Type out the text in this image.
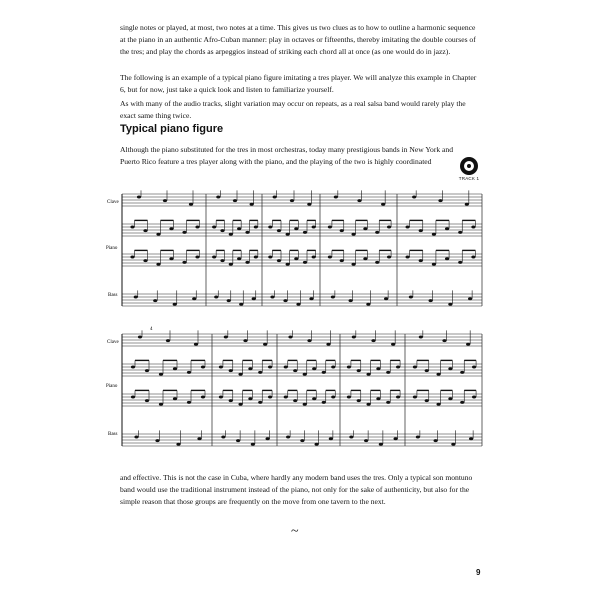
single notes or played, at most, two notes at a time. This gives us two clues as to how to outline a harmonic sequence at the piano in an authentic Afro-Cuban manner: play in octaves or fifteenths, thereby imitating the double courses of the tres; and play the chords as arpeggios instead of striking each chord all at once (as one would do in jazz).

The following is an example of a typical piano figure imitating a tres player. We will analyze this example in Chapter 6, but for now, just take a quick look and listen to familiarize yourself.

As with many of the audio tracks, slight variation may occur on repeats, as a real salsa band would rarely play the exact same thing twice.

Typical piano figure

Although the piano substituted for the tres in most orchestras, today many prestigious bands in New York and Puerto Rico feature a tres player along with the piano, and the playing of the two is highly coordinated

TRACK 1
Clave
Piano
Bass
4
Clave
Piano
Bass

and effective. This is not the case in Cuba, where hardly any modern band uses the tres. Only a typical son montuno band would use the traditional instrument instead of the piano, not only for the sake of authenticity, but also for the simple reason that those groups are frequently on the move from one tavern to the next.

~

9
